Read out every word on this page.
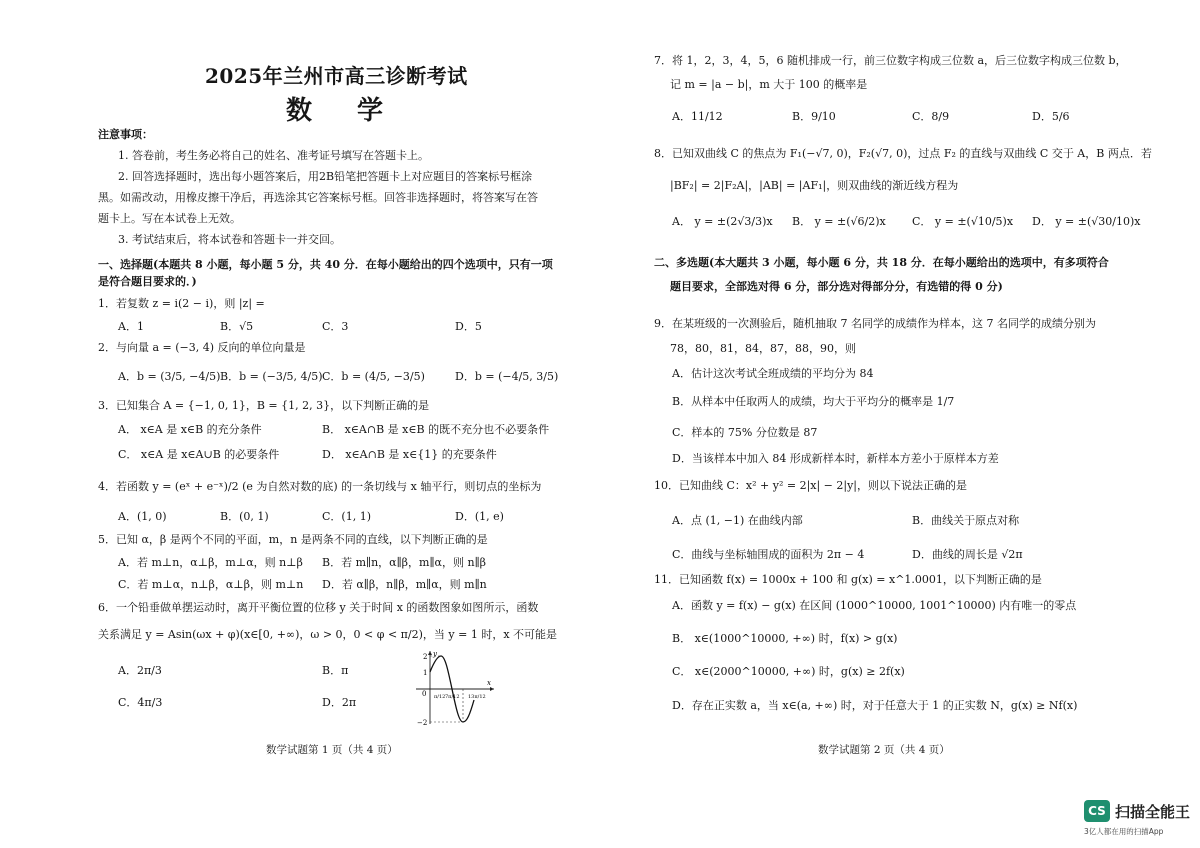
2025年兰州市高三诊断考试
数 学
注意事项：
1. 答卷前，考生务必将自己的姓名、准考证号填写在答题卡上。
2. 回答选择题时，选出每小题答案后，用2B铅笔把答题卡上对应题目的答案标号框涂
黑。如需改动，用橡皮擦干净后，再选涂其它答案标号框。回答非选择题时，将答案写在答
题卡上。写在本试卷上无效。
3. 考试结束后，将本试卷和答题卡一并交回。
一、选择题(本题共 8 小题，每小题 5 分，共 40 分．在每小题给出的四个选项中，只有一项
是符合题目要求的．)
1．若复数 z = i(2 − i)，则 |z| =
A．1	B．√5	C．3	D．5
2．与向量 a = (−3, 4) 反向的单位向量是
A．b = (3/5, −4/5) B．b = (−3/5, 4/5) C．b = (4/5, −3/5)	D．b = (−4/5, 3/5)
3．已知集合 A = {−1, 0, 1}，B = {1, 2, 3}，以下判断正确的是
A． x∈A 是 x∈B 的充分条件	B． x∈A∩B 是 x∈B 的既不充分也不必要条件
C． x∈A 是 x∈A∪B 的必要条件	D． x∈A∩B 是 x∈{1} 的充要条件
4．若函数 y = (eˣ + e⁻ˣ)/2 (e 为自然对数的底) 的一条切线与 x 轴平行，则切点的坐标为
A．(1, 0)	B．(0, 1)	C．(1, 1)	D．(1, e)
5．已知 α，β 是两个不同的平面，m，n 是两条不同的直线，以下判断正确的是
A．若 m⊥n，α⊥β，m⊥α，则 n⊥β B．若 m∥n，α∥β，m∥α，则 n∥β
C．若 m⊥α，n⊥β，α⊥β，则 m⊥n D．若 α∥β，n∥β，m∥α，则 m∥n
6．一个铅垂做单摆运动时，离开平衡位置的位移 y 关于时间 x 的函数图象如图所示，函数
关系满足 y = Asin(ωx + φ)(x∈[0, +∞)，ω > 0，0 < φ < π/2)，当 y = 1 时，x 不可能是
A．2π/3	B．π
C．4π/3	D．2π
2
1
0
−2
x
y
π/12 7π/12 13π/12
数学试题第 1 页（共 4 页）
7．将 1，2，3，4，5，6 随机排成一行，前三位数字构成三位数 a，后三位数字构成三位数 b，
记 m = |a − b|，m 大于 100 的概率是
A．11/12	B．9/10	C．8/9	D．5/6
8．已知双曲线 C 的焦点为 F₁(−√7, 0)，F₂(√7, 0)，过点 F₂ 的直线与双曲线 C 交于 A，B 两点．若
|BF₂| = 2|F₂A|，|AB| = |AF₁|，则双曲线的渐近线方程为
A． y = ±(2√3/3)x B． y = ±(√6/2)x C． y = ±(√10/5)x D． y = ±(√30/10)x
二、多选题(本大题共 3 小题，每小题 6 分，共 18 分．在每小题给出的选项中，有多项符合
题目要求，全部选对得 6 分，部分选对得部分分，有选错的得 0 分)
9．在某班级的一次测验后，随机抽取 7 名同学的成绩作为样本，这 7 名同学的成绩分别为
78，80，81，84，87，88，90，则
A．估计这次考试全班成绩的平均分为 84
B．从样本中任取两人的成绩，均大于平均分的概率是 1/7
C．样本的 75% 分位数是 87
D．当该样本中加入 84 形成新样本时，新样本方差小于原样本方差
10．已知曲线 C：x² + y² = 2|x| − 2|y|，则以下说法正确的是
A．点 (1, −1) 在曲线内部	B．曲线关于原点对称
C．曲线与坐标轴围成的面积为 2π − 4	D．曲线的周长是 √2π
11．已知函数 f(x) = 1000x + 100 和 g(x) = x^1.0001，以下判断正确的是
A．函数 y = f(x) − g(x) 在区间 (1000^10000, 1001^10000) 内有唯一的零点
B． x∈(1000^10000, +∞) 时，f(x) > g(x)
C． x∈(2000^10000, +∞) 时，g(x) ≥ 2f(x)
D．存在正实数 a，当 x∈(a, +∞) 时，对于任意大于 1 的正实数 N，g(x) ≥ Nf(x)
数学试题第 2 页（共 4 页）
CS 扫描全能王
3亿人都在用的扫描App
